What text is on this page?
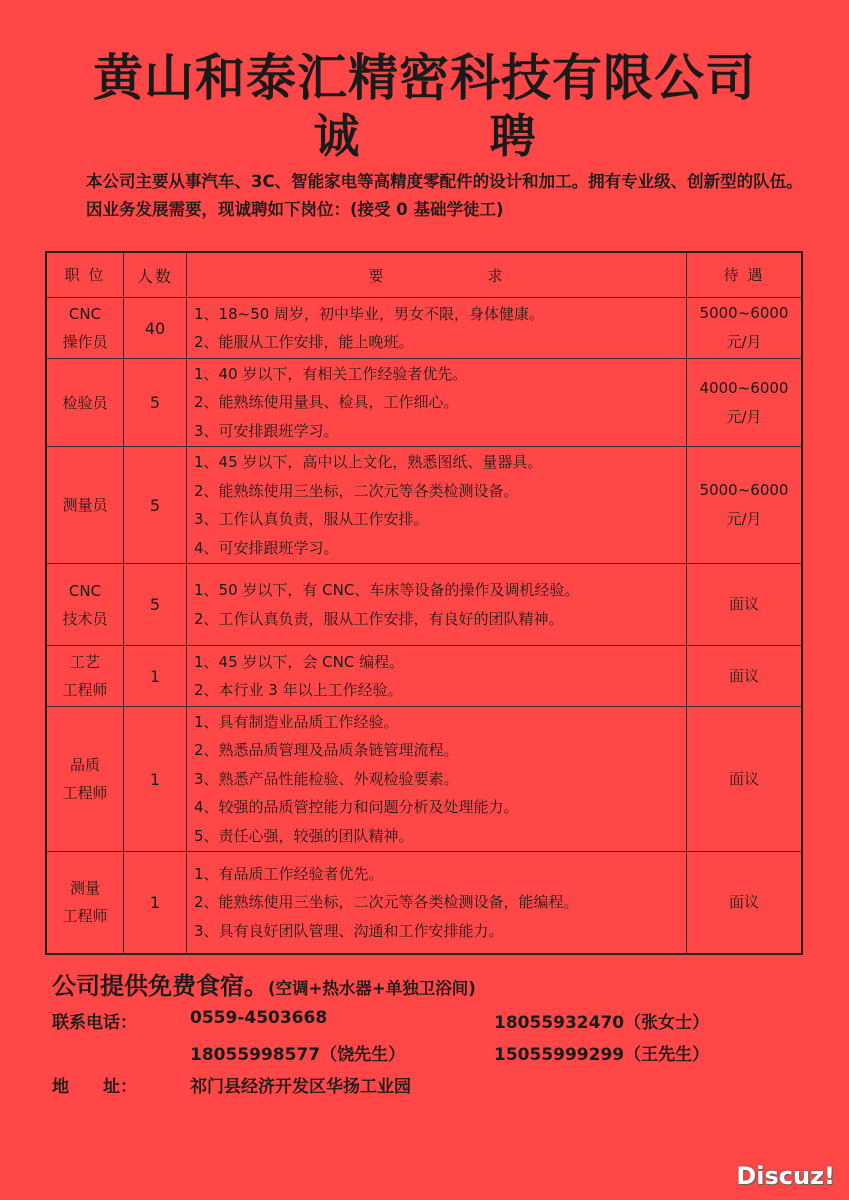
黄山和泰汇精密科技有限公司
诚	聘

本公司主要从事汽车、3C、智能家电等高精度零配件的设计和加工。拥有专业级、创新型的队伍。

因业务发展需要，现诚聘如下岗位：(接受 0 基础学徒工)

职 位	人数	要　　　　　　求	待 遇

CNC
操作员	40	1、18~50 周岁，初中毕业，男女不限，身体健康。
2、能服从工作安排，能上晚班。	5000~6000
元/月

检验员	5	1、40 岁以下，有相关工作经验者优先。
2、能熟练使用量具、检具，工作细心。
3、可安排跟班学习。	4000~6000
元/月

测量员	5	1、45 岁以下，高中以上文化，熟悉图纸、量器具。
2、能熟练使用三坐标，二次元等各类检测设备。
3、工作认真负责，服从工作安排。
4、可安排跟班学习。	5000~6000
元/月

CNC
技术员	5	1、50 岁以下，有 CNC、车床等设备的操作及调机经验。
2、工作认真负责，服从工作安排，有良好的团队精神。	面议

工艺
工程师	1	1、45 岁以下，会 CNC 编程。
2、本行业 3 年以上工作经验。	面议

品质
工程师	1	1、具有制造业品质工作经验。
2、熟悉品质管理及品质条链管理流程。
3、熟悉产品性能检验、外观检验要素。
4、较强的品质管控能力和问题分析及处理能力。
5、责任心强，较强的团队精神。	面议

测量
工程师	1	1、有品质工作经验者优先。
2、能熟练使用三坐标，二次元等各类检测设备，能编程。
3、具有良好团队管理、沟通和工作安排能力。	面议
公司提供免费食宿。(空调+热水器+单独卫浴间)
联系电话：	0559-4503668	18055932470（张女士）
18055998577（饶先生）	15055999299（王先生）
地　　址：	祁门县经济开发区华扬工业园
Discuz!
